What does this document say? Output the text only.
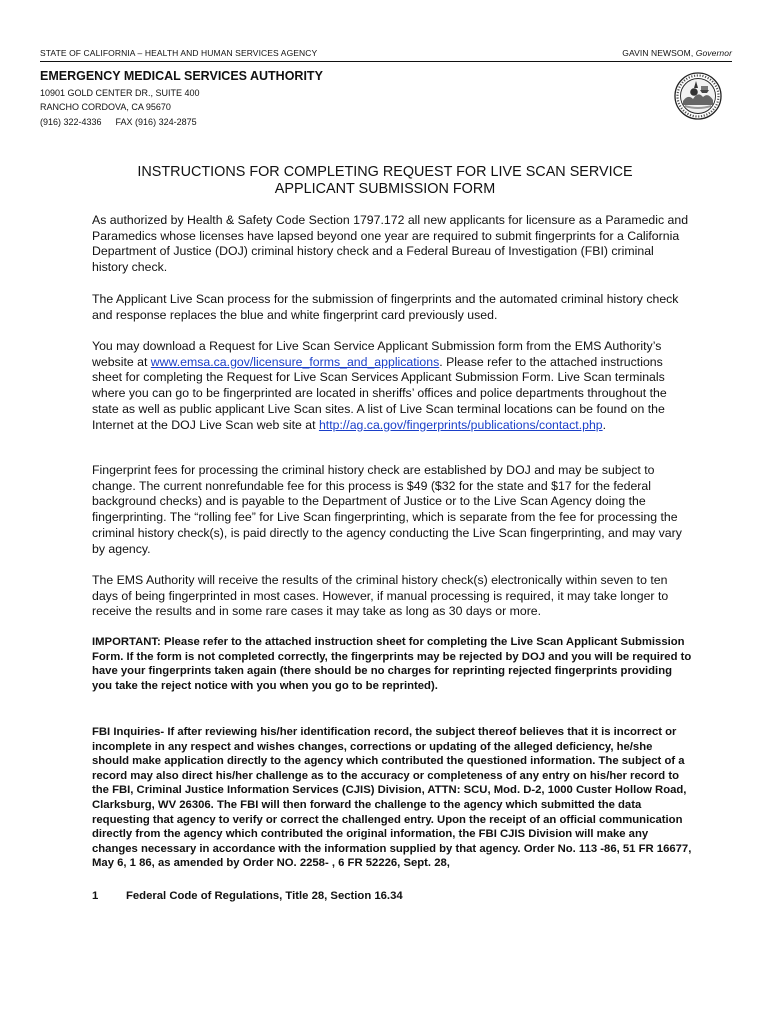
STATE OF CALIFORNIA – HEALTH AND HUMAN SERVICES AGENCY	GAVIN NEWSOM, Governor
EMERGENCY MEDICAL SERVICES AUTHORITY
10901 GOLD CENTER DR., SUITE 400
RANCHO CORDOVA, CA 95670
(916) 322-4336 FAX (916) 324-2875
INSTRUCTIONS FOR COMPLETING REQUEST FOR LIVE SCAN SERVICE
APPLICANT SUBMISSION FORM

As authorized by Health & Safety Code Section 1797.172 all new applicants for licensure as a Paramedic and Paramedics whose licenses have lapsed beyond one year are required to submit fingerprints for a California Department of Justice (DOJ) criminal history check and a Federal Bureau of Investigation (FBI) criminal history check.

The Applicant Live Scan process for the submission of fingerprints and the automated criminal history check and response replaces the blue and white fingerprint card previously used.

You may download a Request for Live Scan Service Applicant Submission form from the EMS Authority’s website at www.emsa.ca.gov/licensure_forms_and_applications. Please refer to the attached instructions sheet for completing the Request for Live Scan Services Applicant Submission Form. Live Scan terminals where you can go to be fingerprinted are located in sheriffs’ offices and police departments throughout the state as well as public applicant Live Scan sites. A list of Live Scan terminal locations can be found on the Internet at the DOJ Live Scan web site at http://ag.ca.gov/fingerprints/publications/contact.php.

Fingerprint fees for processing the criminal history check are established by DOJ and may be subject to change. The current nonrefundable fee for this process is $49 ($32 for the state and $17 for the federal background checks) and is payable to the Department of Justice or to the Live Scan Agency doing the fingerprinting. The “rolling fee” for Live Scan fingerprinting, which is separate from the fee for processing the criminal history check(s), is paid directly to the agency conducting the Live Scan fingerprinting, and may vary by agency.

The EMS Authority will receive the results of the criminal history check(s) electronically within seven to ten days of being fingerprinted in most cases. However, if manual processing is required, it may take longer to receive the results and in some rare cases it may take as long as 30 days or more.

IMPORTANT: Please refer to the attached instruction sheet for completing the Live Scan Applicant Submission Form. If the form is not completed correctly, the fingerprints may be rejected by DOJ and you will be required to have your fingerprints taken again (there should be no charges for reprinting rejected fingerprints providing you take the reject notice with you when you go to be reprinted).

FBI Inquiries- If after reviewing his/her identification record, the subject thereof believes that it is incorrect or incomplete in any respect and wishes changes, corrections or updating of the alleged deficiency, he/she should make application directly to the agency which contributed the questioned information. The subject of a record may also direct his/her challenge as to the accuracy or completeness of any entry on his/her record to the FBI, Criminal Justice Information Services (CJIS) Division, ATTN: SCU, Mod. D-2, 1000 Custer Hollow Road, Clarksburg, WV 26306. The FBI will then forward the challenge to the agency which submitted the data requesting that agency to verify or correct the challenged entry. Upon the receipt of an official communication directly from the agency which contributed the original information, the FBI CJIS Division will make any changes necessary in accordance with the information supplied by that agency. Order No. 113 -86, 51 FR 16677, May 6, 1 86, as amended by Order NO. 2258- , 6 FR 52226, Sept. 28,

1 Federal Code of Regulations, Title 28, Section 16.34
